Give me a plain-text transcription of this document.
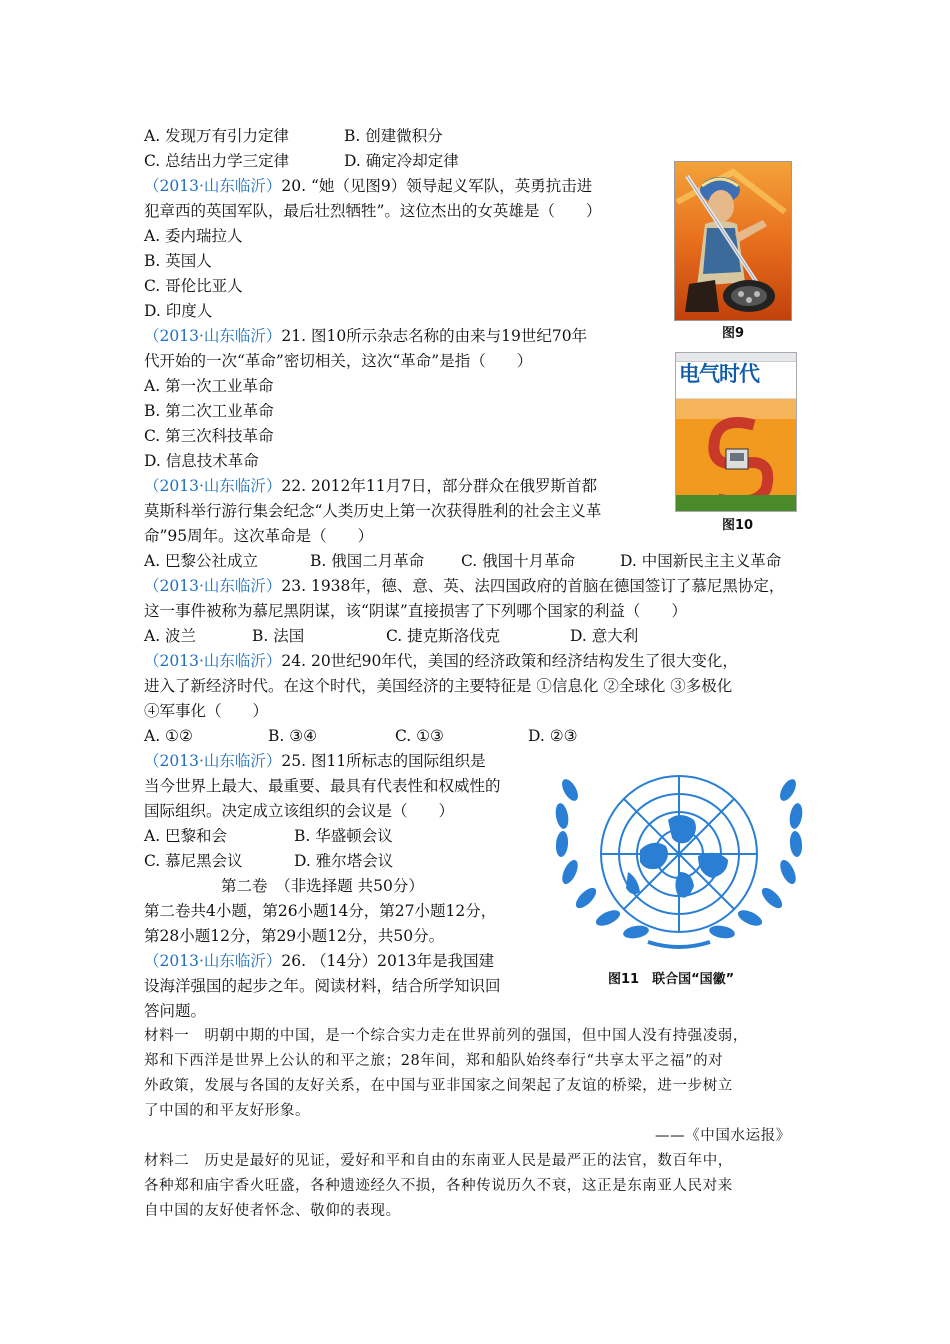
A. 发现万有引力定律	B. 创建微积分
C. 总结出力学三定律	D. 确定冷却定律
（2013·山东临沂）20. “她（见图9）领导起义军队，英勇抗击进
犯章西的英国军队，最后壮烈牺牲”。这位杰出的女英雄是（　　）
A. 委内瑞拉人
B. 英国人
C. 哥伦比亚人
D. 印度人
（2013·山东临沂）21. 图10所示杂志名称的由来与19世纪70年
代开始的一次“革命”密切相关，这次“革命”是指（　　）
A. 第一次工业革命
B. 第二次工业革命
C. 第三次科技革命
D. 信息技术革命
（2013·山东临沂）22. 2012年11月7日，部分群众在俄罗斯首都
莫斯科举行游行集会纪念“人类历史上第一次获得胜利的社会主义革
命”95周年。这次革命是（　　）
A. 巴黎公社成立	B. 俄国二月革命 C. 俄国十月革命	D. 中国新民主主义革命
（2013·山东临沂）23. 1938年，德、意、英、法四国政府的首脑在德国签订了慕尼黑协定，
这一事件被称为慕尼黑阴谋，该“阴谋”直接损害了下列哪个国家的利益（　　）
A. 波兰	B. 法国	C. 捷克斯洛伐克	D. 意大利
（2013·山东临沂）24. 20世纪90年代，美国的经济政策和经济结构发生了很大变化，
进入了新经济时代。在这个时代，美国经济的主要特征是 ①信息化 ②全球化 ③多极化
④军事化（　　）
A. ①②	B. ③④	C. ①③	D. ②③
（2013·山东临沂）25. 图11所标志的国际组织是
当今世界上最大、最重要、最具有代表性和权威性的
国际组织。决定成立该组织的会议是（　　）
A. 巴黎和会	B. 华盛顿会议
C. 慕尼黑会议	D. 雅尔塔会议
第二卷　（非选择题 共50分）
第二卷共4小题，第26小题14分，第27小题12分，
第28小题12分，第29小题12分，共50分。
（2013·山东临沂）26. （14分）2013年是我国建
设海洋强国的起步之年。阅读材料，结合所学知识回
答问题。
材料一　明朝中期的中国，是一个综合实力走在世界前列的强国，但中国人没有持强凌弱，
郑和下西洋是世界上公认的和平之旅；28年间，郑和船队始终奉行“共享太平之福”的对
外政策，发展与各国的友好关系，在中国与亚非国家之间架起了友谊的桥梁，进一步树立
了中国的和平友好形象。
——《中国水运报》
材料二　历史是最好的见证，爱好和平和自由的东南亚人民是最严正的法官，数百年中，
各种郑和庙宇香火旺盛，各种遗迹经久不损，各种传说历久不衰，这正是东南亚人民对来
自中国的友好使者怀念、敬仰的表现。
图9
电气时代
图10
图11　联合国“国徽”
